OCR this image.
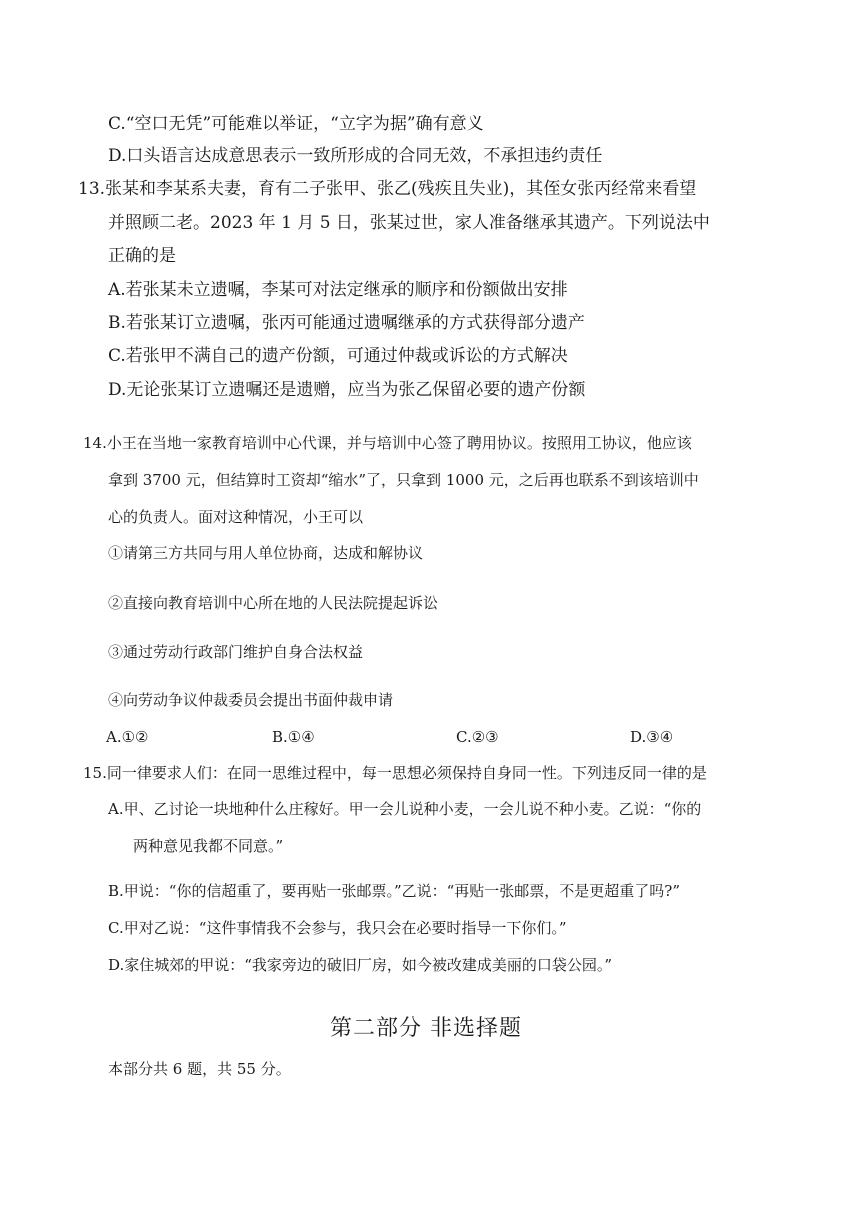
C.“空口无凭”可能难以举证，“立字为据”确有意义
D.口头语言达成意思表示一致所形成的合同无效，不承担违约责任
13.张某和李某系夫妻，育有二子张甲、张乙(残疾且失业)，其侄女张丙经常来看望
并照顾二老。2023 年 1 月 5 日，张某过世，家人准备继承其遗产。下列说法中
正确的是
A.若张某未立遗嘱，李某可对法定继承的顺序和份额做出安排
B.若张某订立遗嘱，张丙可能通过遗嘱继承的方式获得部分遗产
C.若张甲不满自己的遗产份额，可通过仲裁或诉讼的方式解决
D.无论张某订立遗嘱还是遗赠，应当为张乙保留必要的遗产份额
14.小王在当地一家教育培训中心代课，并与培训中心签了聘用协议。按照用工协议，他应该
拿到 3700 元，但结算时工资却“缩水”了，只拿到 1000 元，之后再也联系不到该培训中
心的负责人。面对这种情况，小王可以
①请第三方共同与用人单位协商，达成和解协议
②直接向教育培训中心所在地的人民法院提起诉讼
③通过劳动行政部门维护自身合法权益
④向劳动争议仲裁委员会提出书面仲裁申请
A.①②	B.①④	C.②③	D.③④
15.同一律要求人们：在同一思维过程中，每一思想必须保持自身同一性。下列违反同一律的是
A.甲、乙讨论一块地种什么庄稼好。甲一会儿说种小麦，一会儿说不种小麦。乙说：“你的
两种意见我都不同意。”
B.甲说：“你的信超重了，要再贴一张邮票。”乙说：“再贴一张邮票，不是更超重了吗?”
C.甲对乙说：“这件事情我不会参与，我只会在必要时指导一下你们。”
D.家住城郊的甲说：“我家旁边的破旧厂房，如今被改建成美丽的口袋公园。”
第二部分 非选择题
本部分共 6 题，共 55 分。
